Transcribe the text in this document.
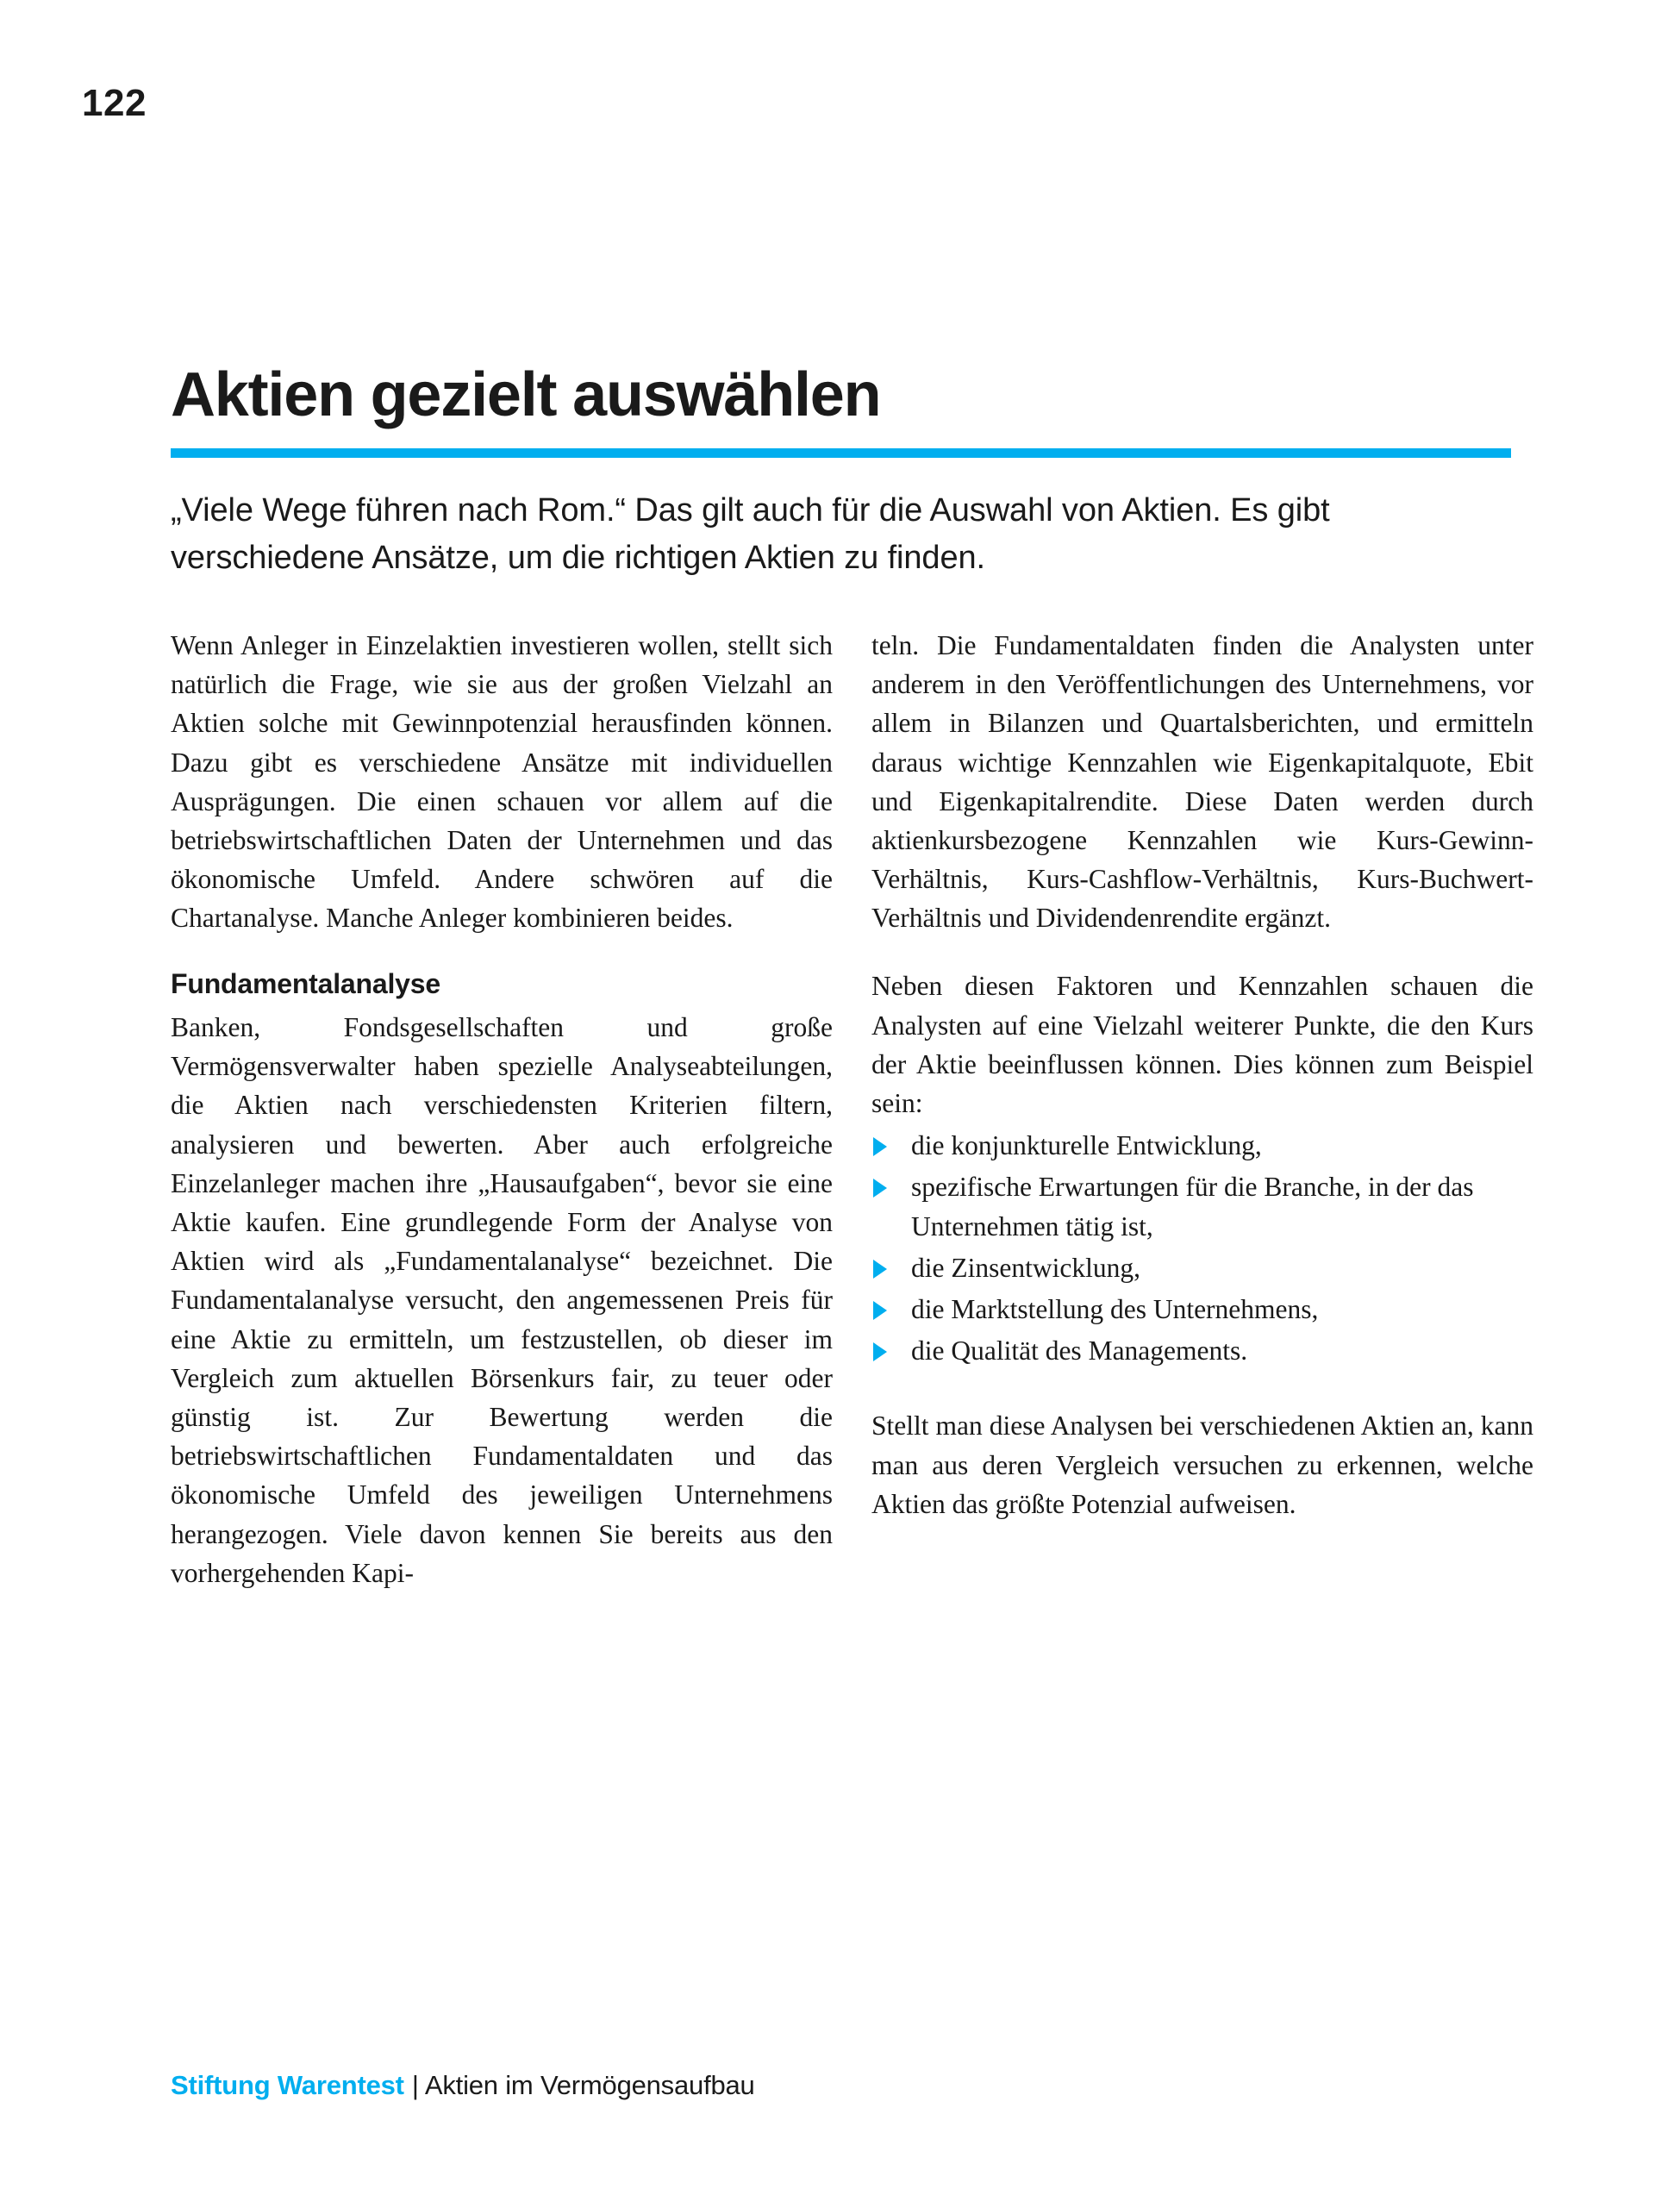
122
Aktien gezielt auswählen
„Viele Wege führen nach Rom.“ Das gilt auch für die Auswahl von Aktien. Es gibt verschiedene Ansätze, um die richtigen Aktien zu finden.

Wenn Anleger in Einzelaktien investieren wollen, stellt sich natürlich die Frage, wie sie aus der großen Vielzahl an Aktien solche mit Gewinnpotenzial herausfinden können. Dazu gibt es verschiedene Ansätze mit individuellen Ausprägungen. Die einen schauen vor allem auf die betriebswirtschaftlichen Daten der Unternehmen und das ökonomische Umfeld. Andere schwören auf die Chartanalyse. Manche Anleger kombinieren beides.

Fundamentalanalyse

Banken, Fondsgesellschaften und große Vermögensverwalter haben spezielle Analyseabteilungen, die Aktien nach verschiedensten Kriterien filtern, analysieren und bewerten. Aber auch erfolgreiche Einzelanleger machen ihre „Hausaufgaben“, bevor sie eine Aktie kaufen. Eine grundlegende Form der Analyse von Aktien wird als „Fundamentalanalyse“ bezeichnet. Die Fundamentalanalyse versucht, den angemessenen Preis für eine Aktie zu ermitteln, um festzustellen, ob dieser im Vergleich zum aktuellen Börsenkurs fair, zu teuer oder günstig ist. Zur Bewertung werden die betriebswirtschaftlichen Fundamentaldaten und das ökonomische Umfeld des jeweiligen Unternehmens herangezogen. Viele davon kennen Sie bereits aus den vorhergehenden Kapi-

teln. Die Fundamentaldaten finden die Analysten unter anderem in den Veröffentlichungen des Unternehmens, vor allem in Bilanzen und Quartalsberichten, und ermitteln daraus wichtige Kennzahlen wie Eigenkapitalquote, Ebit und Eigenkapitalrendite. Diese Daten werden durch aktienkursbezogene Kennzahlen wie Kurs-Gewinn-Verhältnis, Kurs-Cashflow-Verhältnis, Kurs-Buchwert-Verhältnis und Dividendenrendite ergänzt.

Neben diesen Faktoren und Kennzahlen schauen die Analysten auf eine Vielzahl weiterer Punkte, die den Kurs der Aktie beeinflussen können. Dies können zum Beispiel sein:

die konjunkturelle Entwicklung,
spezifische Erwartungen für die Branche, in der das Unternehmen tätig ist,
die Zinsentwicklung,
die Marktstellung des Unternehmens,
die Qualität des Managements.

Stellt man diese Analysen bei verschiedenen Aktien an, kann man aus deren Vergleich versuchen zu erkennen, welche Aktien das größte Potenzial aufweisen.

Stiftung Warentest | Aktien im Vermögensaufbau
